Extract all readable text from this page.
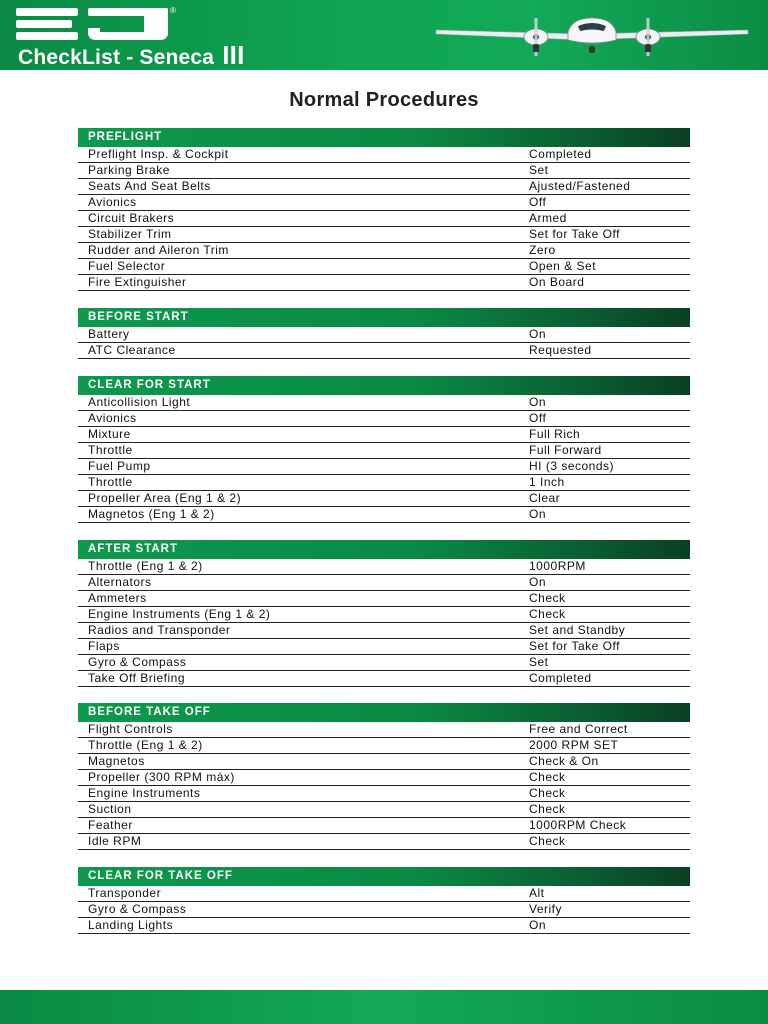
®
CheckList - Seneca III
Normal Procedures
PREFLIGHT
Preflight Insp. & Cockpit	Completed
Parking Brake	Set
Seats And Seat Belts	Ajusted/Fastened
Avionics	Off
Circuit Brakers	Armed
Stabilizer Trim	Set for Take Off
Rudder and Aileron Trim	Zero
Fuel Selector	Open & Set
Fire Extinguisher	On Board
BEFORE START
Battery	On
ATC Clearance	Requested
CLEAR FOR START
Anticollision Light	On
Avionics	Off
Mixture	Full Rich
Throttle	Full Forward
Fuel Pump	HI (3 seconds)
Throttle	1 Inch
Propeller Area (Eng 1 & 2)	Clear
Magnetos (Eng 1 & 2)	On
AFTER START
Throttle (Eng 1 & 2)	1000RPM
Alternators	On
Ammeters	Check
Engine Instruments (Eng 1 & 2)	Check
Radios and Transponder	Set and Standby
Flaps	Set for Take Off
Gyro & Compass	Set
Take Off Briefing	Completed
BEFORE TAKE OFF
Flight Controls	Free and Correct
Throttle (Eng 1 & 2)	2000 RPM SET
Magnetos	Check & On
Propeller (300 RPM máx)	Check
Engine Instruments	Check
Suction	Check
Feather	1000RPM Check
Idle RPM	Check
CLEAR FOR TAKE OFF
Transponder	Alt
Gyro & Compass	Verify
Landing Lights	On
